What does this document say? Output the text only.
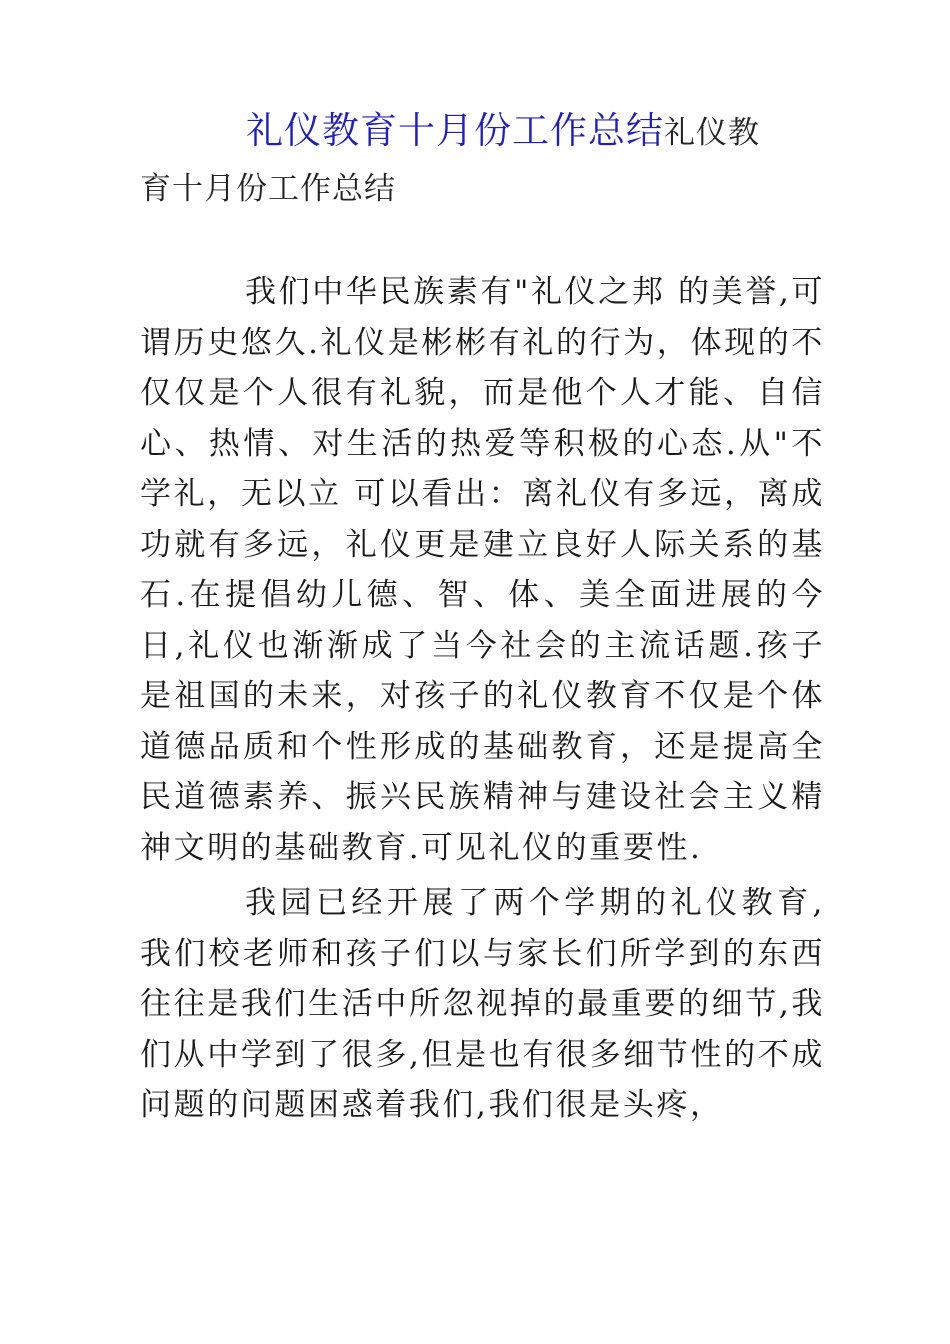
礼仪教育十月份工作总结礼仪教
育十月份工作总结

我们中华民族素有"礼仪之邦 的美誉,可谓历史悠久.礼仪是彬彬有礼的行为，体现的不仅仅是个人很有礼貌，而是他个人才能、自信心、热情、对生活的热爱等积极的心态.从"不学礼，无以立 可以看出：离礼仪有多远，离成功就有多远，礼仪更是建立良好人际关系的基石.在提倡幼儿德、智、体、美全面进展的今日,礼仪也渐渐成了当今社会的主流话题.孩子是祖国的未来，对孩子的礼仪教育不仅是个体道德品质和个性形成的基础教育，还是提高全民道德素养、振兴民族精神与建设社会主义精神文明的基础教育.可见礼仪的重要性.

我园已经开展了两个学期的礼仪教育,我们校老师和孩子们以与家长们所学到的东西往往是我们生活中所忽视掉的最重要的细节,我们从中学到了很多,但是也有很多细节性的不成问题的问题困惑着我们,我们很是头疼，
